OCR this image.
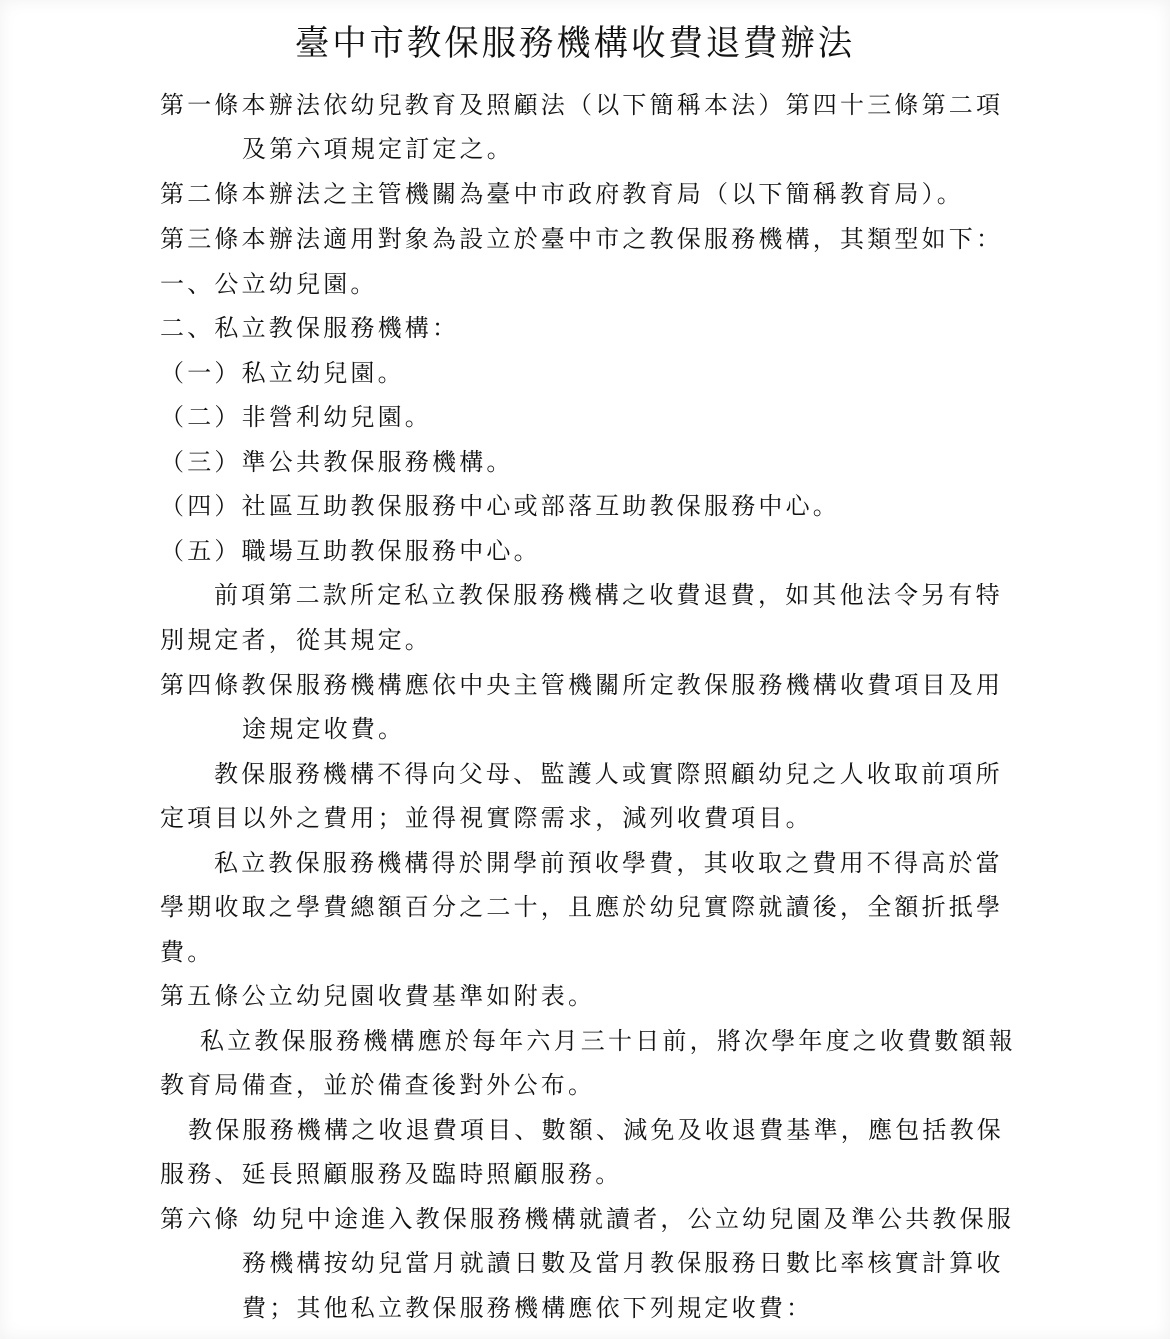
臺中市教保服務機構收費退費辦法
第一條本辦法依幼兒教育及照顧法（以下簡稱本法）第四十三條第二項
及第六項規定訂定之。
第二條本辦法之主管機關為臺中市政府教育局（以下簡稱教育局）。
第三條本辦法適用對象為設立於臺中市之教保服務機構，其類型如下：
一、公立幼兒園。
二、私立教保服務機構：
（一）私立幼兒園。
（二）非營利幼兒園。
（三）準公共教保服務機構。
（四）社區互助教保服務中心或部落互助教保服務中心。
（五）職場互助教保服務中心。
前項第二款所定私立教保服務機構之收費退費，如其他法令另有特
別規定者，從其規定。
第四條教保服務機構應依中央主管機關所定教保服務機構收費項目及用
途規定收費。
教保服務機構不得向父母、監護人或實際照顧幼兒之人收取前項所
定項目以外之費用；並得視實際需求，減列收費項目。
私立教保服務機構得於開學前預收學費，其收取之費用不得高於當
學期收取之學費總額百分之二十，且應於幼兒實際就讀後，全額折抵學
費。
第五條公立幼兒園收費基準如附表。
私立教保服務機構應於每年六月三十日前，將次學年度之收費數額報
教育局備查，並於備查後對外公布。
教保服務機構之收退費項目、數額、減免及收退費基準，應包括教保
服務、延長照顧服務及臨時照顧服務。
第六條 幼兒中途進入教保服務機構就讀者，公立幼兒園及準公共教保服
務機構按幼兒當月就讀日數及當月教保服務日數比率核實計算收
費；其他私立教保服務機構應依下列規定收費：
